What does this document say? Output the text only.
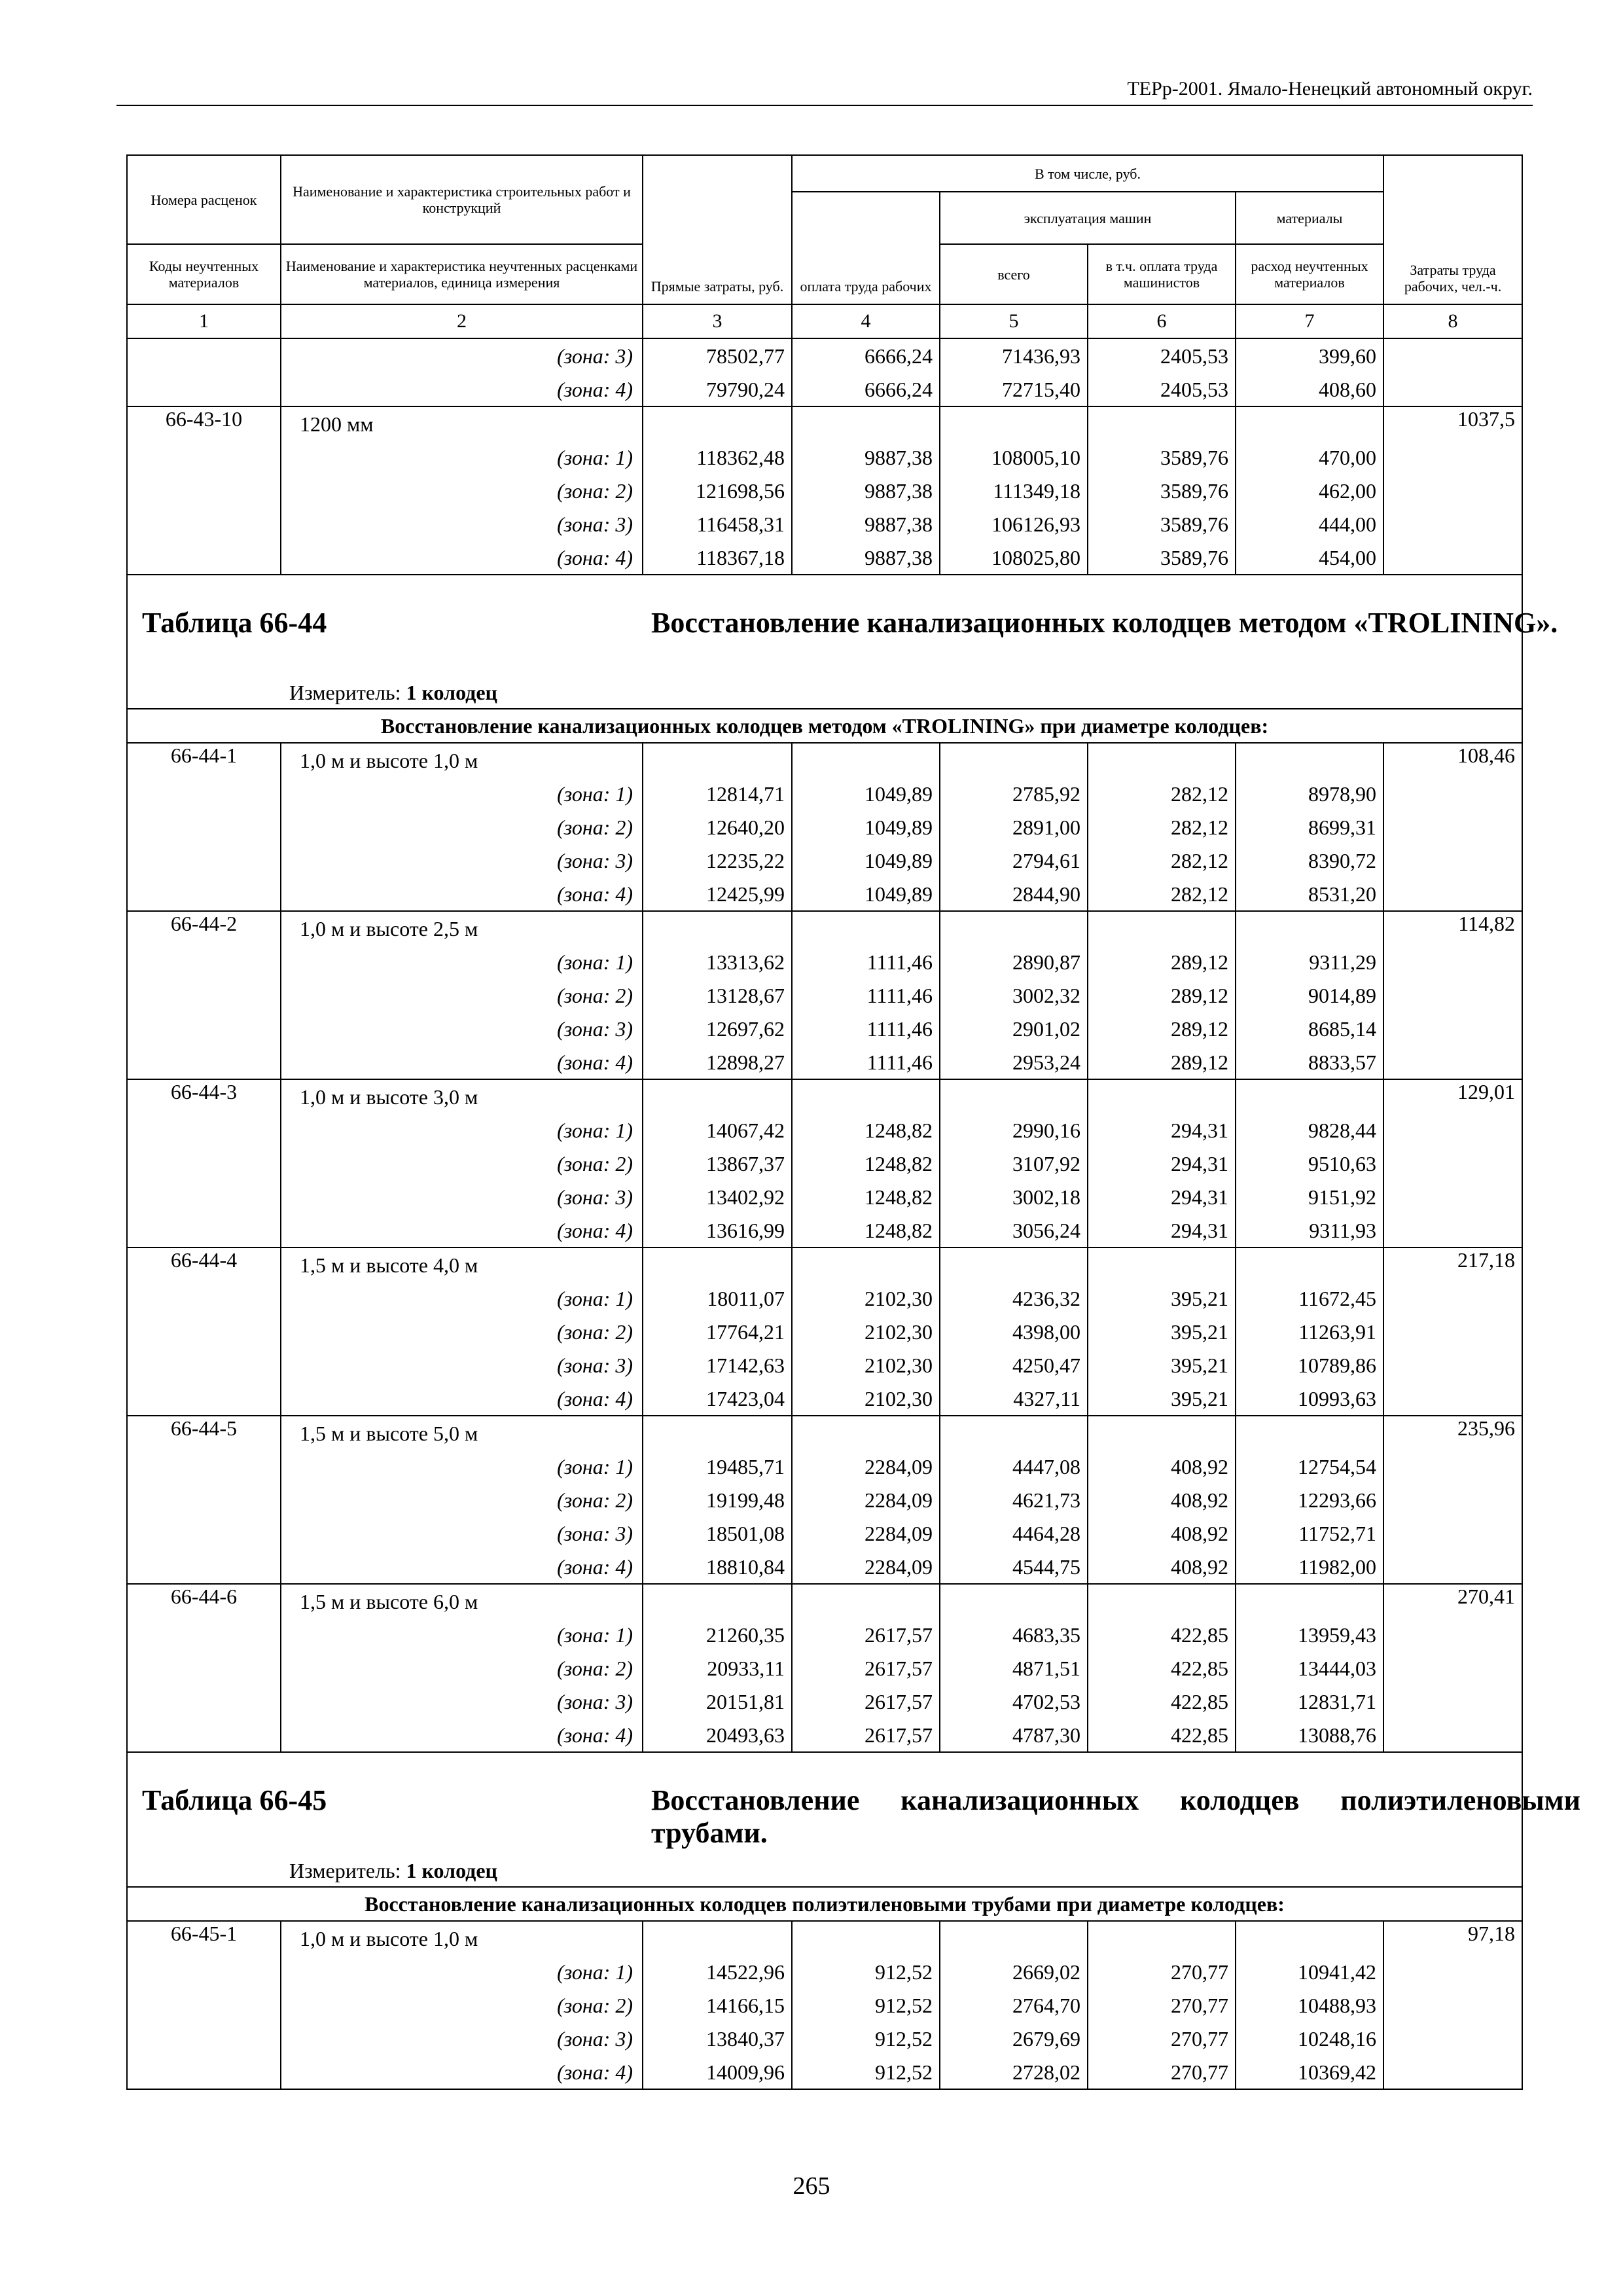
ТЕРр-2001. Ямало-Ненецкий автономный округ.
Номера расценок	Наименование и характеристика строительных работ и конструкций	Прямые затраты, руб.	В том числе, руб.				Затраты труда рабочих, чел.-ч.
			оплата труда рабочих	эксплуатация машин		материалы	
Коды неучтенных материалов	Наименование и характеристика неучтенных расценками материалов, единица измерения			всего	в т.ч. оплата труда машинистов	расход неучтенных материалов	
1	2	3	4	5	6	7	8
	(зона: 3)	78502,77	6666,24	71436,93	2405,53	399,60	
	(зона: 4)	79790,24	6666,24	72715,40	2405,53	408,60	
66-43-10	1200 мм						1037,5
	(зона: 1)	118362,48	9887,38	108005,10	3589,76	470,00	
	(зона: 2)	121698,56	9887,38	111349,18	3589,76	462,00	
	(зона: 3)	116458,31	9887,38	106126,93	3589,76	444,00	
	(зона: 4)	118367,18	9887,38	108025,80	3589,76	454,00	

Таблица 66-44 Восстановление канализационных колодцев методом «TROLINING».
Измеритель: 1 колодец							

Восстановление канализационных колодцев методом «TROLINING» при диаметре колодцев:							
66-44-1	1,0 м и высоте 1,0 м						108,46
	(зона: 1)	12814,71	1049,89	2785,92	282,12	8978,90	
	(зона: 2)	12640,20	1049,89	2891,00	282,12	8699,31	
	(зона: 3)	12235,22	1049,89	2794,61	282,12	8390,72	
	(зона: 4)	12425,99	1049,89	2844,90	282,12	8531,20	
66-44-2	1,0 м и высоте 2,5 м						114,82
	(зона: 1)	13313,62	1111,46	2890,87	289,12	9311,29	
	(зона: 2)	13128,67	1111,46	3002,32	289,12	9014,89	
	(зона: 3)	12697,62	1111,46	2901,02	289,12	8685,14	
	(зона: 4)	12898,27	1111,46	2953,24	289,12	8833,57	
66-44-3	1,0 м и высоте 3,0 м						129,01
	(зона: 1)	14067,42	1248,82	2990,16	294,31	9828,44	
	(зона: 2)	13867,37	1248,82	3107,92	294,31	9510,63	
	(зона: 3)	13402,92	1248,82	3002,18	294,31	9151,92	
	(зона: 4)	13616,99	1248,82	3056,24	294,31	9311,93	
66-44-4	1,5 м и высоте 4,0 м						217,18
	(зона: 1)	18011,07	2102,30	4236,32	395,21	11672,45	
	(зона: 2)	17764,21	2102,30	4398,00	395,21	11263,91	
	(зона: 3)	17142,63	2102,30	4250,47	395,21	10789,86	
	(зона: 4)	17423,04	2102,30	4327,11	395,21	10993,63	
66-44-5	1,5 м и высоте 5,0 м						235,96
	(зона: 1)	19485,71	2284,09	4447,08	408,92	12754,54	
	(зона: 2)	19199,48	2284,09	4621,73	408,92	12293,66	
	(зона: 3)	18501,08	2284,09	4464,28	408,92	11752,71	
	(зона: 4)	18810,84	2284,09	4544,75	408,92	11982,00	
66-44-6	1,5 м и высоте 6,0 м						270,41
	(зона: 1)	21260,35	2617,57	4683,35	422,85	13959,43	
	(зона: 2)	20933,11	2617,57	4871,51	422,85	13444,03	
	(зона: 3)	20151,81	2617,57	4702,53	422,85	12831,71	
	(зона: 4)	20493,63	2617,57	4787,30	422,85	13088,76	

Таблица 66-45 Восстановление канализационных колодцев полиэтиленовыми трубами.
Измеритель: 1 колодец							

Восстановление канализационных колодцев полиэтиленовыми трубами при диаметре колодцев:							
66-45-1	1,0 м и высоте 1,0 м						97,18
	(зона: 1)	14522,96	912,52	2669,02	270,77	10941,42	
	(зона: 2)	14166,15	912,52	2764,70	270,77	10488,93	
	(зона: 3)	13840,37	912,52	2679,69	270,77	10248,16	
	(зона: 4)	14009,96	912,52	2728,02	270,77	10369,42	
265
